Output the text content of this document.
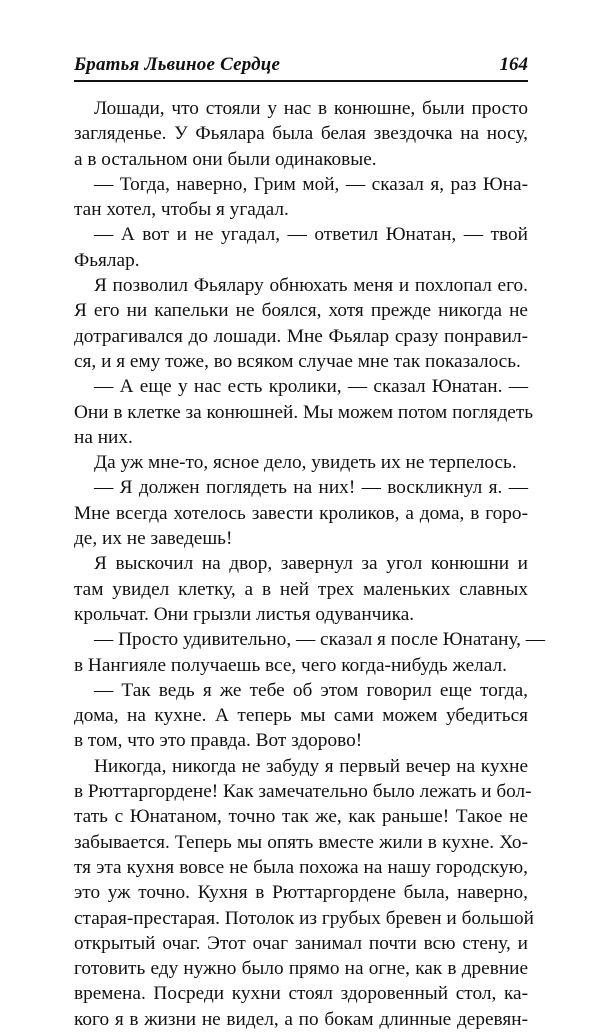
Братья Львиное Сердце	164
Лошади, что стояли у нас в конюшне, были просто
загляденье. У Фьялара была белая звездочка на носу,
а в остальном они были одинаковые.
— Тогда, наверно, Грим мой, — сказал я, раз Юна-
тан хотел, чтобы я угадал.
— А вот и не угадал, — ответил Юнатан, — твой
Фьялар.
Я позволил Фьялару обнюхать меня и похлопал его.
Я его ни капельки не боялся, хотя прежде никогда не
дотрагивался до лошади. Мне Фьялар сразу понравил-
ся, и я ему тоже, во всяком случае мне так показалось.
— А еще у нас есть кролики, — сказал Юнатан. —
Они в клетке за конюшней. Мы можем потом поглядеть
на них.
Да уж мне-то, ясное дело, увидеть их не терпелось.
— Я должен поглядеть на них! — воскликнул я. —
Мне всегда хотелось завести кроликов, а дома, в горо-
де, их не заведешь!
Я выскочил на двор, завернул за угол конюшни и
там увидел клетку, а в ней трех маленьких славных
крольчат. Они грызли листья одуванчика.
— Просто удивительно, — сказал я после Юнатану, —
в Нангияле получаешь все, чего когда-нибудь желал.
— Так ведь я же тебе об этом говорил еще тогда,
дома, на кухне. А теперь мы сами можем убедиться
в том, что это правда. Вот здорово!
Никогда, никогда не забуду я первый вечер на кухне
в Рюттаргордене! Как замечательно было лежать и бол-
тать с Юнатаном, точно так же, как раньше! Такое не
забывается. Теперь мы опять вместе жили в кухне. Хо-
тя эта кухня вовсе не была похожа на нашу городскую,
это уж точно. Кухня в Рюттаргордене была, наверно,
старая-престарая. Потолок из грубых бревен и большой
открытый очаг. Этот очаг занимал почти всю стену, и
готовить еду нужно было прямо на огне, как в древние
времена. Посреди кухни стоял здоровенный стол, ка-
кого я в жизни не видел, а по бокам длинные деревян-
